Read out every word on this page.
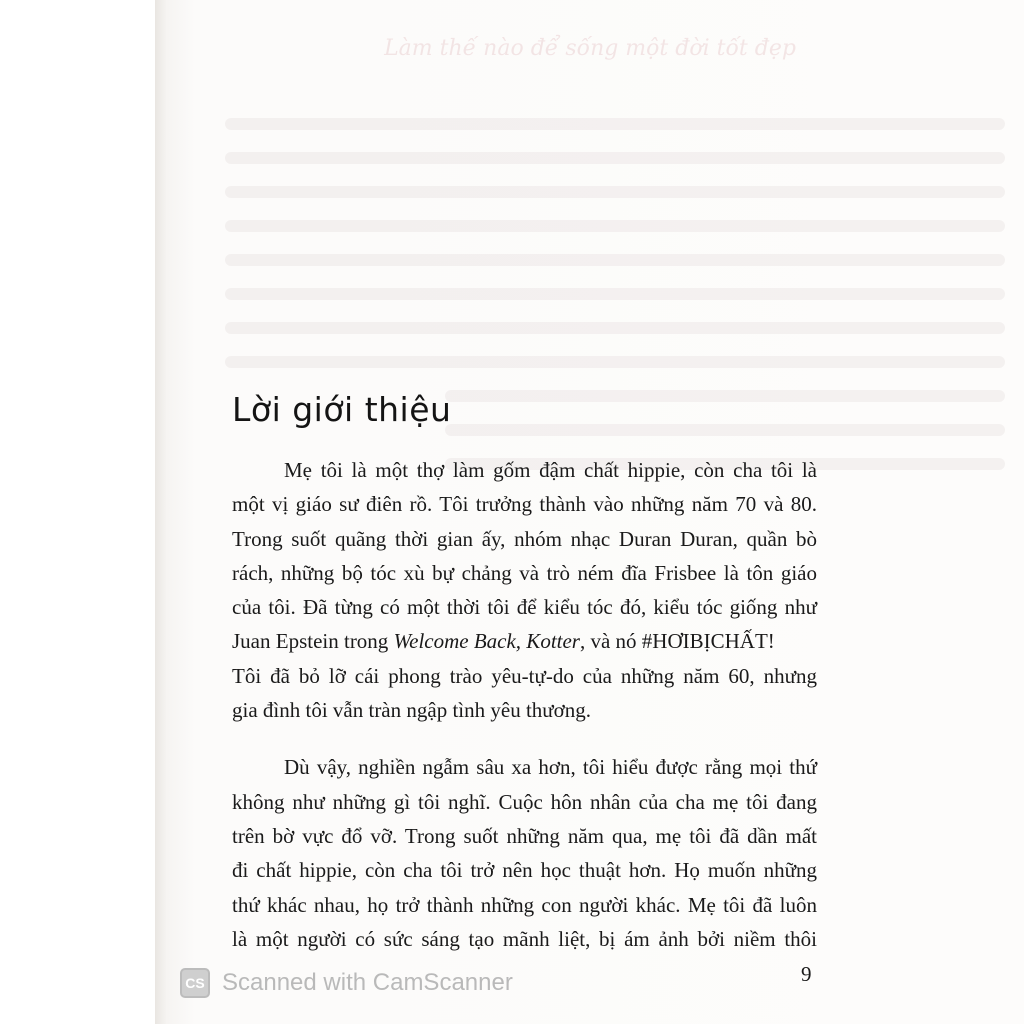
Làm thế nào để sống một đời tốt đẹp
Lời giới thiệu
Mẹ tôi là một thợ làm gốm đậm chất hippie, còn cha tôi là
một vị giáo sư điên rồ. Tôi trưởng thành vào những năm 70 và 80.
Trong suốt quãng thời gian ấy, nhóm nhạc Duran Duran, quần bò
rách, những bộ tóc xù bự chảng và trò ném đĩa Frisbee là tôn giáo
của tôi. Đã từng có một thời tôi để kiểu tóc đó, kiểu tóc giống như
Juan Epstein trong Welcome Back, Kotter, và nó #HƠIBỊCHẤT!
Tôi đã bỏ lỡ cái phong trào yêu-tự-do của những năm 60, nhưng
gia đình tôi vẫn tràn ngập tình yêu thương.
Dù vậy, nghiền ngẫm sâu xa hơn, tôi hiểu được rằng mọi thứ
không như những gì tôi nghĩ. Cuộc hôn nhân của cha mẹ tôi đang
trên bờ vực đổ vỡ. Trong suốt những năm qua, mẹ tôi đã dần mất
đi chất hippie, còn cha tôi trở nên học thuật hơn. Họ muốn những
thứ khác nhau, họ trở thành những con người khác. Mẹ tôi đã luôn
là một người có sức sáng tạo mãnh liệt, bị ám ảnh bởi niềm thôi
9
CS Scanned with CamScanner
